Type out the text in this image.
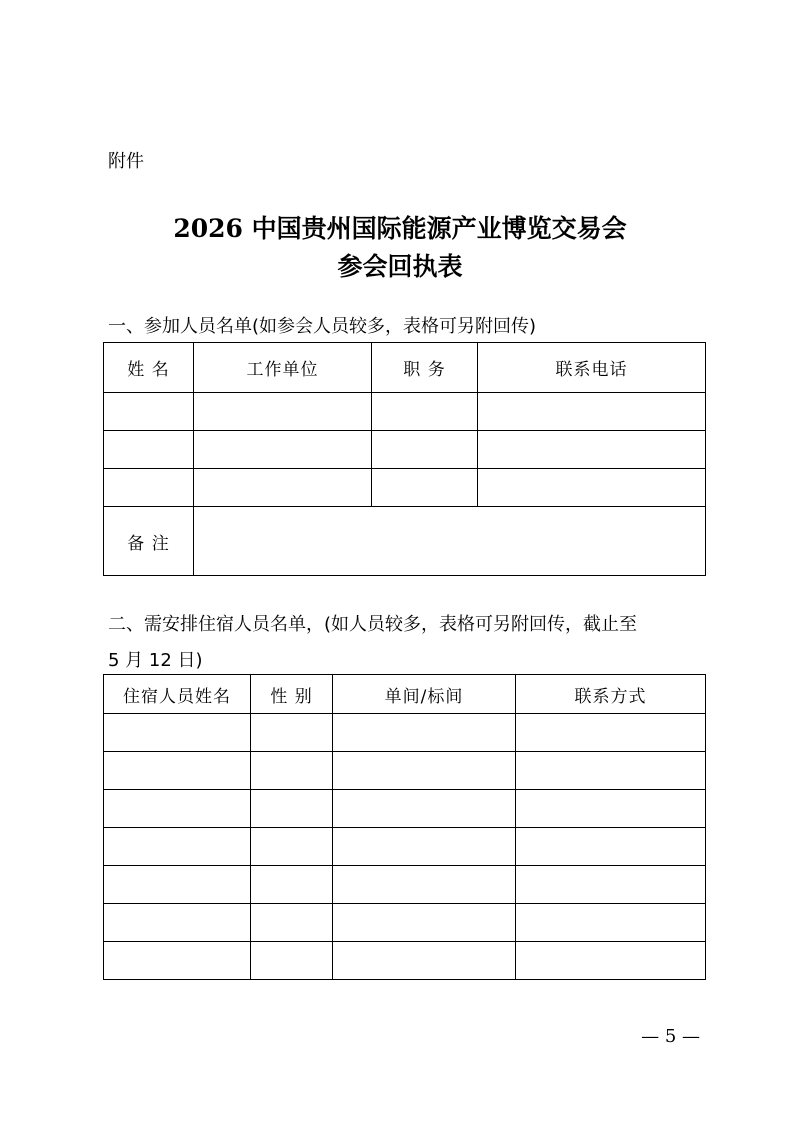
附件
2026 中国贵州国际能源产业博览交易会
参会回执表
一、参加人员名单(如参会人员较多，表格可另附回传)
姓 名	工作单位	职 务	联系电话

备 注			
二、需安排住宿人员名单，(如人员较多，表格可另附回传，截止至
5 月 12 日)
住宿人员姓名	性 别	单间/标间	联系方式

— 5 —
